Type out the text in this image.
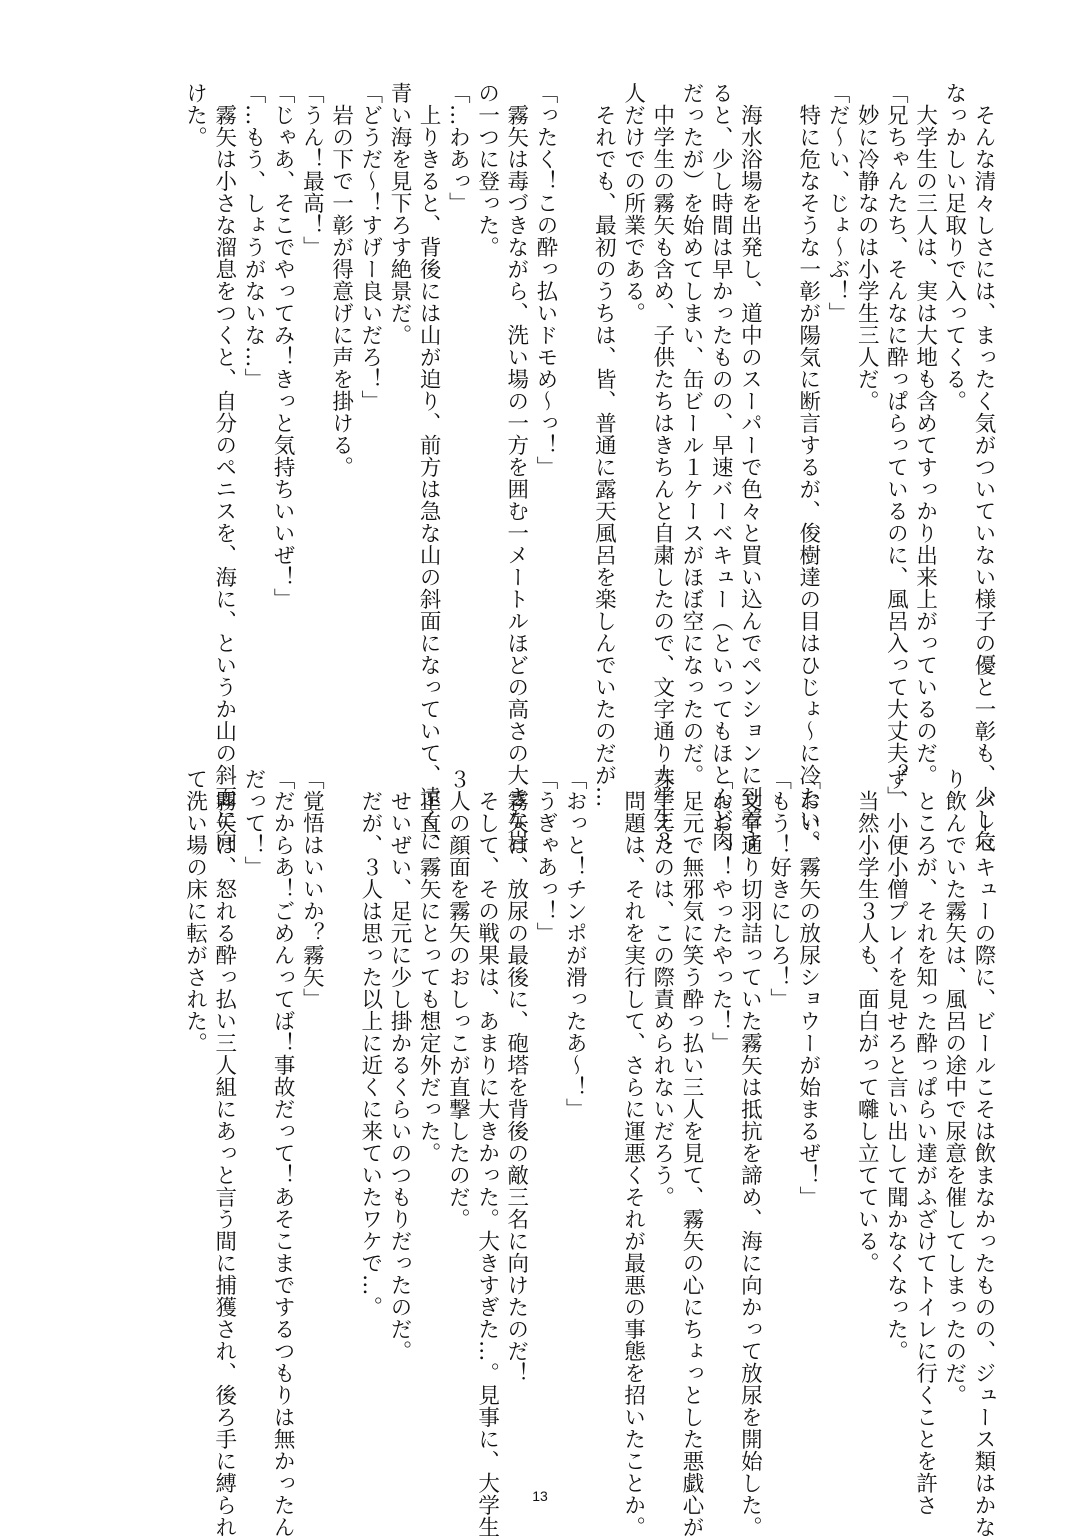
　そんな清々しさには、まったく気がついていない様子の優と一彰も、少し危
なっかしい足取りで入ってくる。
　大学生の三人は、実は大地も含めてすっかり出来上がっているのだ。
「兄ちゃんたち、そんなに酔っぱらっているのに、風呂入って大丈夫？」
　妙に冷静なのは小学生三人だ。
「だ〜い、じょ〜ぶ！」
　特に危なそうな一彰が陽気に断言するが、俊樹達の目はひじょ〜に冷たい。
　海水浴場を出発し、道中のスーパーで色々と買い込んでペンションに到着す
ると、少し時間は早かったものの、早速バーベキュー（といってもほとんど肉
だったが）を始めてしまい、缶ビール１ケースがほぼ空になったのだ。
　中学生の霧矢も含め、子供たちはきちんと自粛したので、文字通り大学生３
人だけでの所業である。
　それでも、最初のうちは、皆、普通に露天風呂を楽しんでいたのだが…
「ったく！この酔っ払いドモめ〜っ！」
　霧矢は毒づきながら、洗い場の一方を囲む一メートルほどの高さの大きな岩
の一つに登った。
「…わあっ」
　上りきると、背後には山が迫り、前方は急な山の斜面になっていて、遠くに
青い海を見下ろす絶景だ。
「どうだ〜！すげー良いだろ！」
　岩の下で一彰が得意げに声を掛ける。
「うん！最高！」
「じゃあ、そこでやってみ！きっと気持ちいいぜ！」
「…もう、しょうがないな…」
　霧矢は小さな溜息をつくと、自分のペニスを、海に、というか山の斜面に向
けた。
　バーベキューの際に、ビールこそは飲まなかったものの、ジュース類はかな
り飲んでいた霧矢は、風呂の途中で尿意を催してしまったのだ。
　ところが、それを知った酔っぱらい達がふざけてトイレに行くことを許さ
ず、小便小僧プレイを見せろと言い出して聞かなくなった。
　当然小学生３人も、面白がって囃し立てている。
「おい、霧矢の放尿ショウーが始まるぜ！」
「もう！好きにしろ！」
　文字通り切羽詰っていた霧矢は抵抗を諦め、海に向かって放尿を開始した。
「おおっ！やったやった！」
　足元で無邪気に笑う酔っ払い三人を見て、霧矢の心にちょっとした悪戯心が
芽生えたのは、この際責められないだろう。
　問題は、それを実行して、さらに運悪くそれが最悪の事態を招いたことか。
「おっと！チンポが滑ったあ〜！」
「うぎゃあっ！」
　霧矢は、放尿の最後に、砲塔を背後の敵三名に向けたのだ！
　そして、その戦果は、あまりに大きかった。大きすぎた…。見事に、大学生
３人の顔面を霧矢のおしっこが直撃したのだ。
　正直、霧矢にとっても想定外だった。
　せいぜい、足元に少し掛かるくらいのつもりだったのだ。
　だが、３人は思った以上に近くに来ていたワケで…。
「覚悟はいいか？霧矢」
「だからあ！ごめんってば！事故だって！あそこまでするつもりは無かったん
だって！」
　霧矢は、怒れる酔っ払い三人組にあっと言う間に捕獲され、後ろ手に縛られ
て洗い場の床に転がされた。
13
